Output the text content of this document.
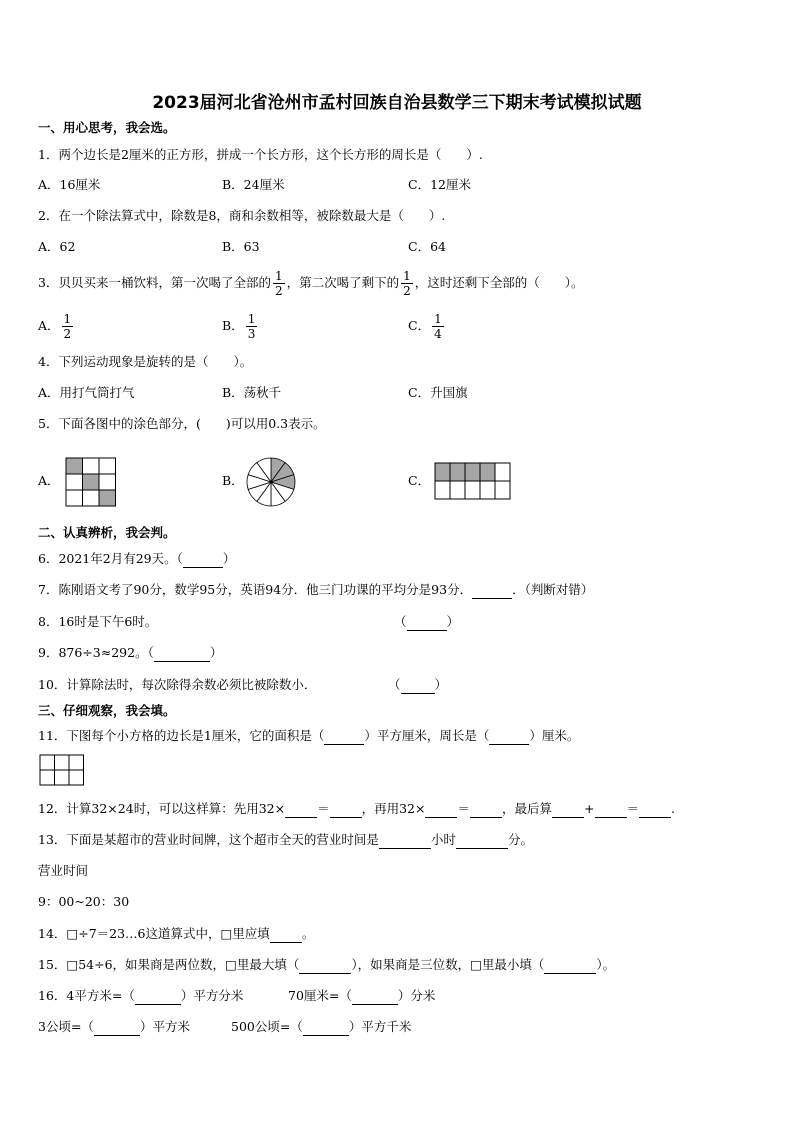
2023届河北省沧州市孟村回族自治县数学三下期末考试模拟试题
一、用心思考，我会选。
1．两个边长是2厘米的正方形，拼成一个长方形，这个长方形的周长是（　　）.
A．16厘米	B．24厘米	C．12厘米
2．在一个除法算式中，除数是8，商和余数相等，被除数最大是（　　）.
A．62	B．63	C．64
3．贝贝买来一桶饮料，第一次喝了全部的 $\frac{1}{2}$ ，第二次喝了剩下的 $\frac{1}{2}$ ，这时还剩下全部的（　　）。
A． $\frac{1}{2}$	B． $\frac{1}{3}$	C． $\frac{1}{4}$
4．下列运动现象是旋转的是（　　）。
A．用打气筒打气	B．荡秋千	C．升国旗
5．下面各图中的涂色部分，(　　)可以用0.3表示。
A．	B．	C．
二、认真辨析，我会判。
6．2021年2月有29天。（	）
7．陈刚语文考了90分，数学95分，英语94分．他三门功课的平均分是93分．	．（判断对错）
8．16时是下午6时。	（	）
9．876÷3≈292。（	）
10．计算除法时，每次除得余数必须比被除数小．	（	）
三、仔细观察，我会填。
11．下图每个小方格的边长是1厘米，它的面积是（	）平方厘米，周长是（	）厘米。
12．计算32×24时，可以这样算：先用32×	＝	，再用32×	＝	，最后算	+	＝	.
13．下面是某超市的营业时间牌，这个超市全天的营业时间是	小时	分。
营业时间
9：00~20：30
14．□÷7＝23…6这道算式中，□里应填	。
15．□54÷6，如果商是两位数，□里最大填（	），如果商是三位数，□里最小填（	）。
16．4平方米=（	）平方分米	70厘米=（	）分米
3公顷=（	）平方米	500公顷=（	）平方千米
